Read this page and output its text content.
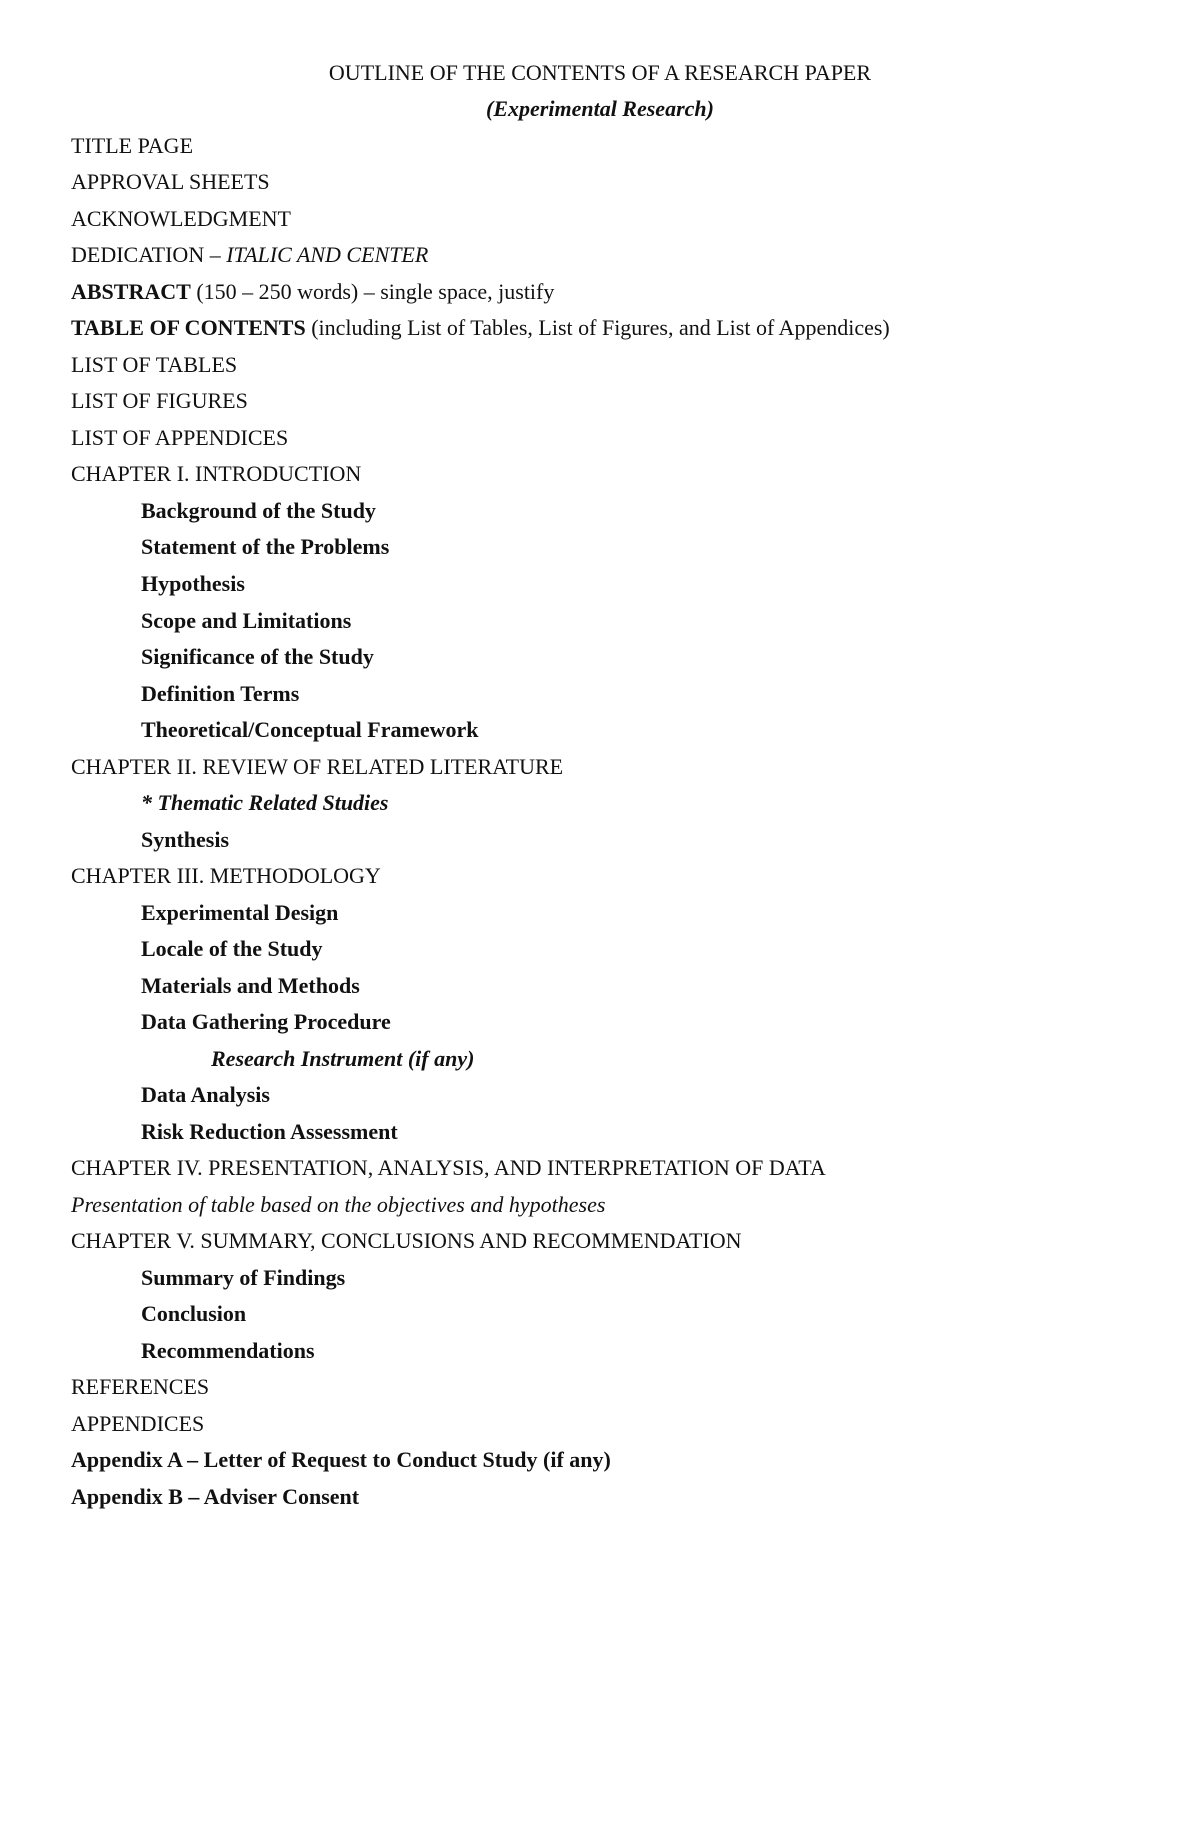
OUTLINE OF THE CONTENTS OF A RESEARCH PAPER
(Experimental Research)
TITLE PAGE
APPROVAL SHEETS
ACKNOWLEDGMENT
DEDICATION – ITALIC AND CENTER
ABSTRACT (150 – 250 words) – single space, justify
TABLE OF CONTENTS (including List of Tables, List of Figures, and List of Appendices)
LIST OF TABLES
LIST OF FIGURES
LIST OF APPENDICES
CHAPTER I. INTRODUCTION
Background of the Study
Statement of the Problems
Hypothesis
Scope and Limitations
Significance of the Study
Definition Terms
Theoretical/Conceptual Framework
CHAPTER II. REVIEW OF RELATED LITERATURE
* Thematic Related Studies
Synthesis
CHAPTER III. METHODOLOGY
Experimental Design
Locale of the Study
Materials and Methods
Data Gathering Procedure
Research Instrument (if any)
Data Analysis
Risk Reduction Assessment
CHAPTER IV. PRESENTATION, ANALYSIS, AND INTERPRETATION OF DATA
Presentation of table based on the objectives and hypotheses
CHAPTER V. SUMMARY, CONCLUSIONS AND RECOMMENDATION
Summary of Findings
Conclusion
Recommendations
REFERENCES
APPENDICES
Appendix A – Letter of Request to Conduct Study (if any)
Appendix B – Adviser Consent
